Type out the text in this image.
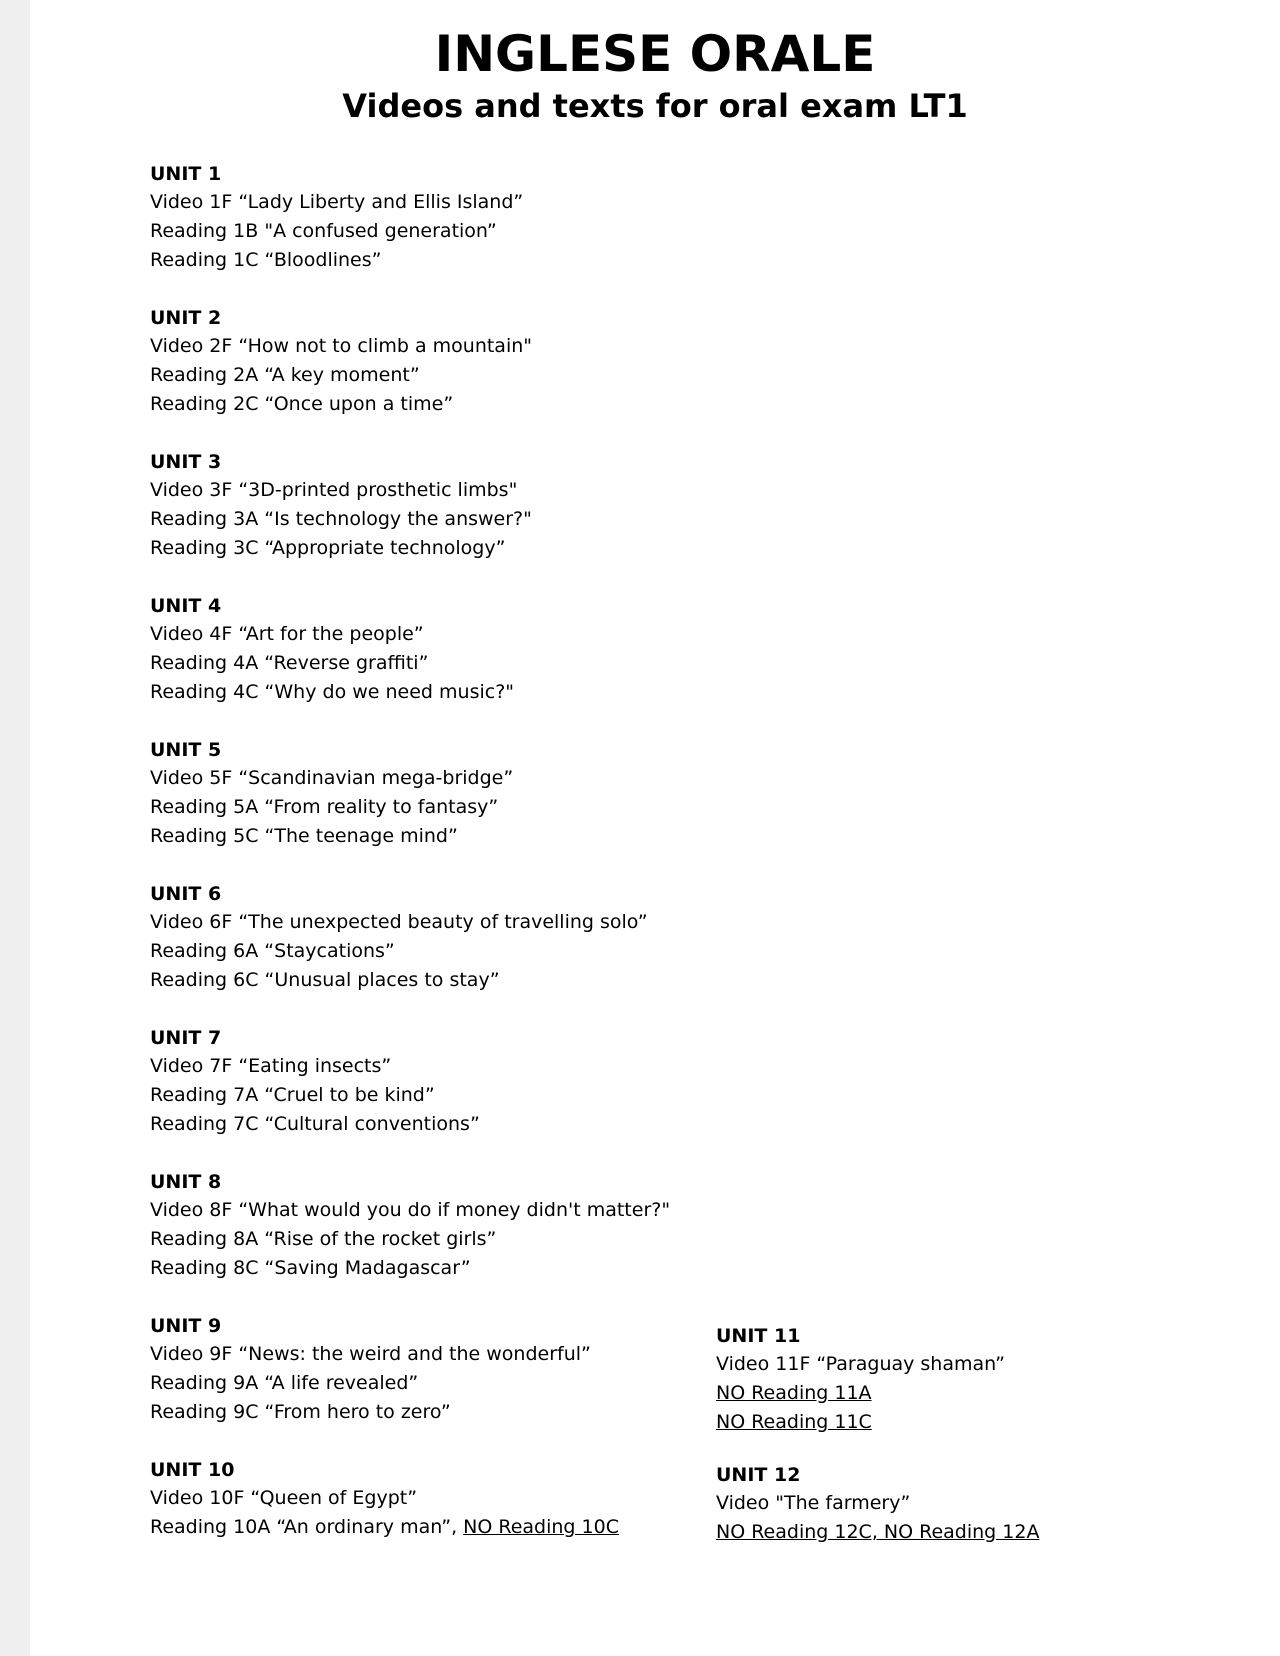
INGLESE ORALE
Videos and texts for oral exam LT1
UNIT 1
Video 1F “Lady Liberty and Ellis Island”
Reading 1B "A confused generation”
Reading 1C “Bloodlines”
UNIT 2
Video 2F “How not to climb a mountain"
Reading 2A “A key moment”
Reading 2C “Once upon a time”
UNIT 3
Video 3F “3D-printed prosthetic limbs"
Reading 3A “Is technology the answer?"
Reading 3C “Appropriate technology”
UNIT 4
Video 4F “Art for the people”
Reading 4A “Reverse graffiti”
Reading 4C “Why do we need music?"
UNIT 5
Video 5F “Scandinavian mega-bridge”
Reading 5A “From reality to fantasy”
Reading 5C “The teenage mind”
UNIT 6
Video 6F “The unexpected beauty of travelling solo”
Reading 6A “Staycations”
Reading 6C “Unusual places to stay”
UNIT 7
Video 7F “Eating insects”
Reading 7A “Cruel to be kind”
Reading 7C “Cultural conventions”
UNIT 8
Video 8F “What would you do if money didn't matter?"
Reading 8A “Rise of the rocket girls”
Reading 8C “Saving Madagascar”
UNIT 9
Video 9F “News: the weird and the wonderful”
Reading 9A “A life revealed”
Reading 9C “From hero to zero”
UNIT 10
Video 10F “Queen of Egypt”
Reading 10A “An ordinary man”, NO Reading 10C
UNIT 11
Video 11F “Paraguay shaman”
NO Reading 11A
NO Reading 11C
UNIT 12
Video "The farmery”
NO Reading 12C, NO Reading 12A
